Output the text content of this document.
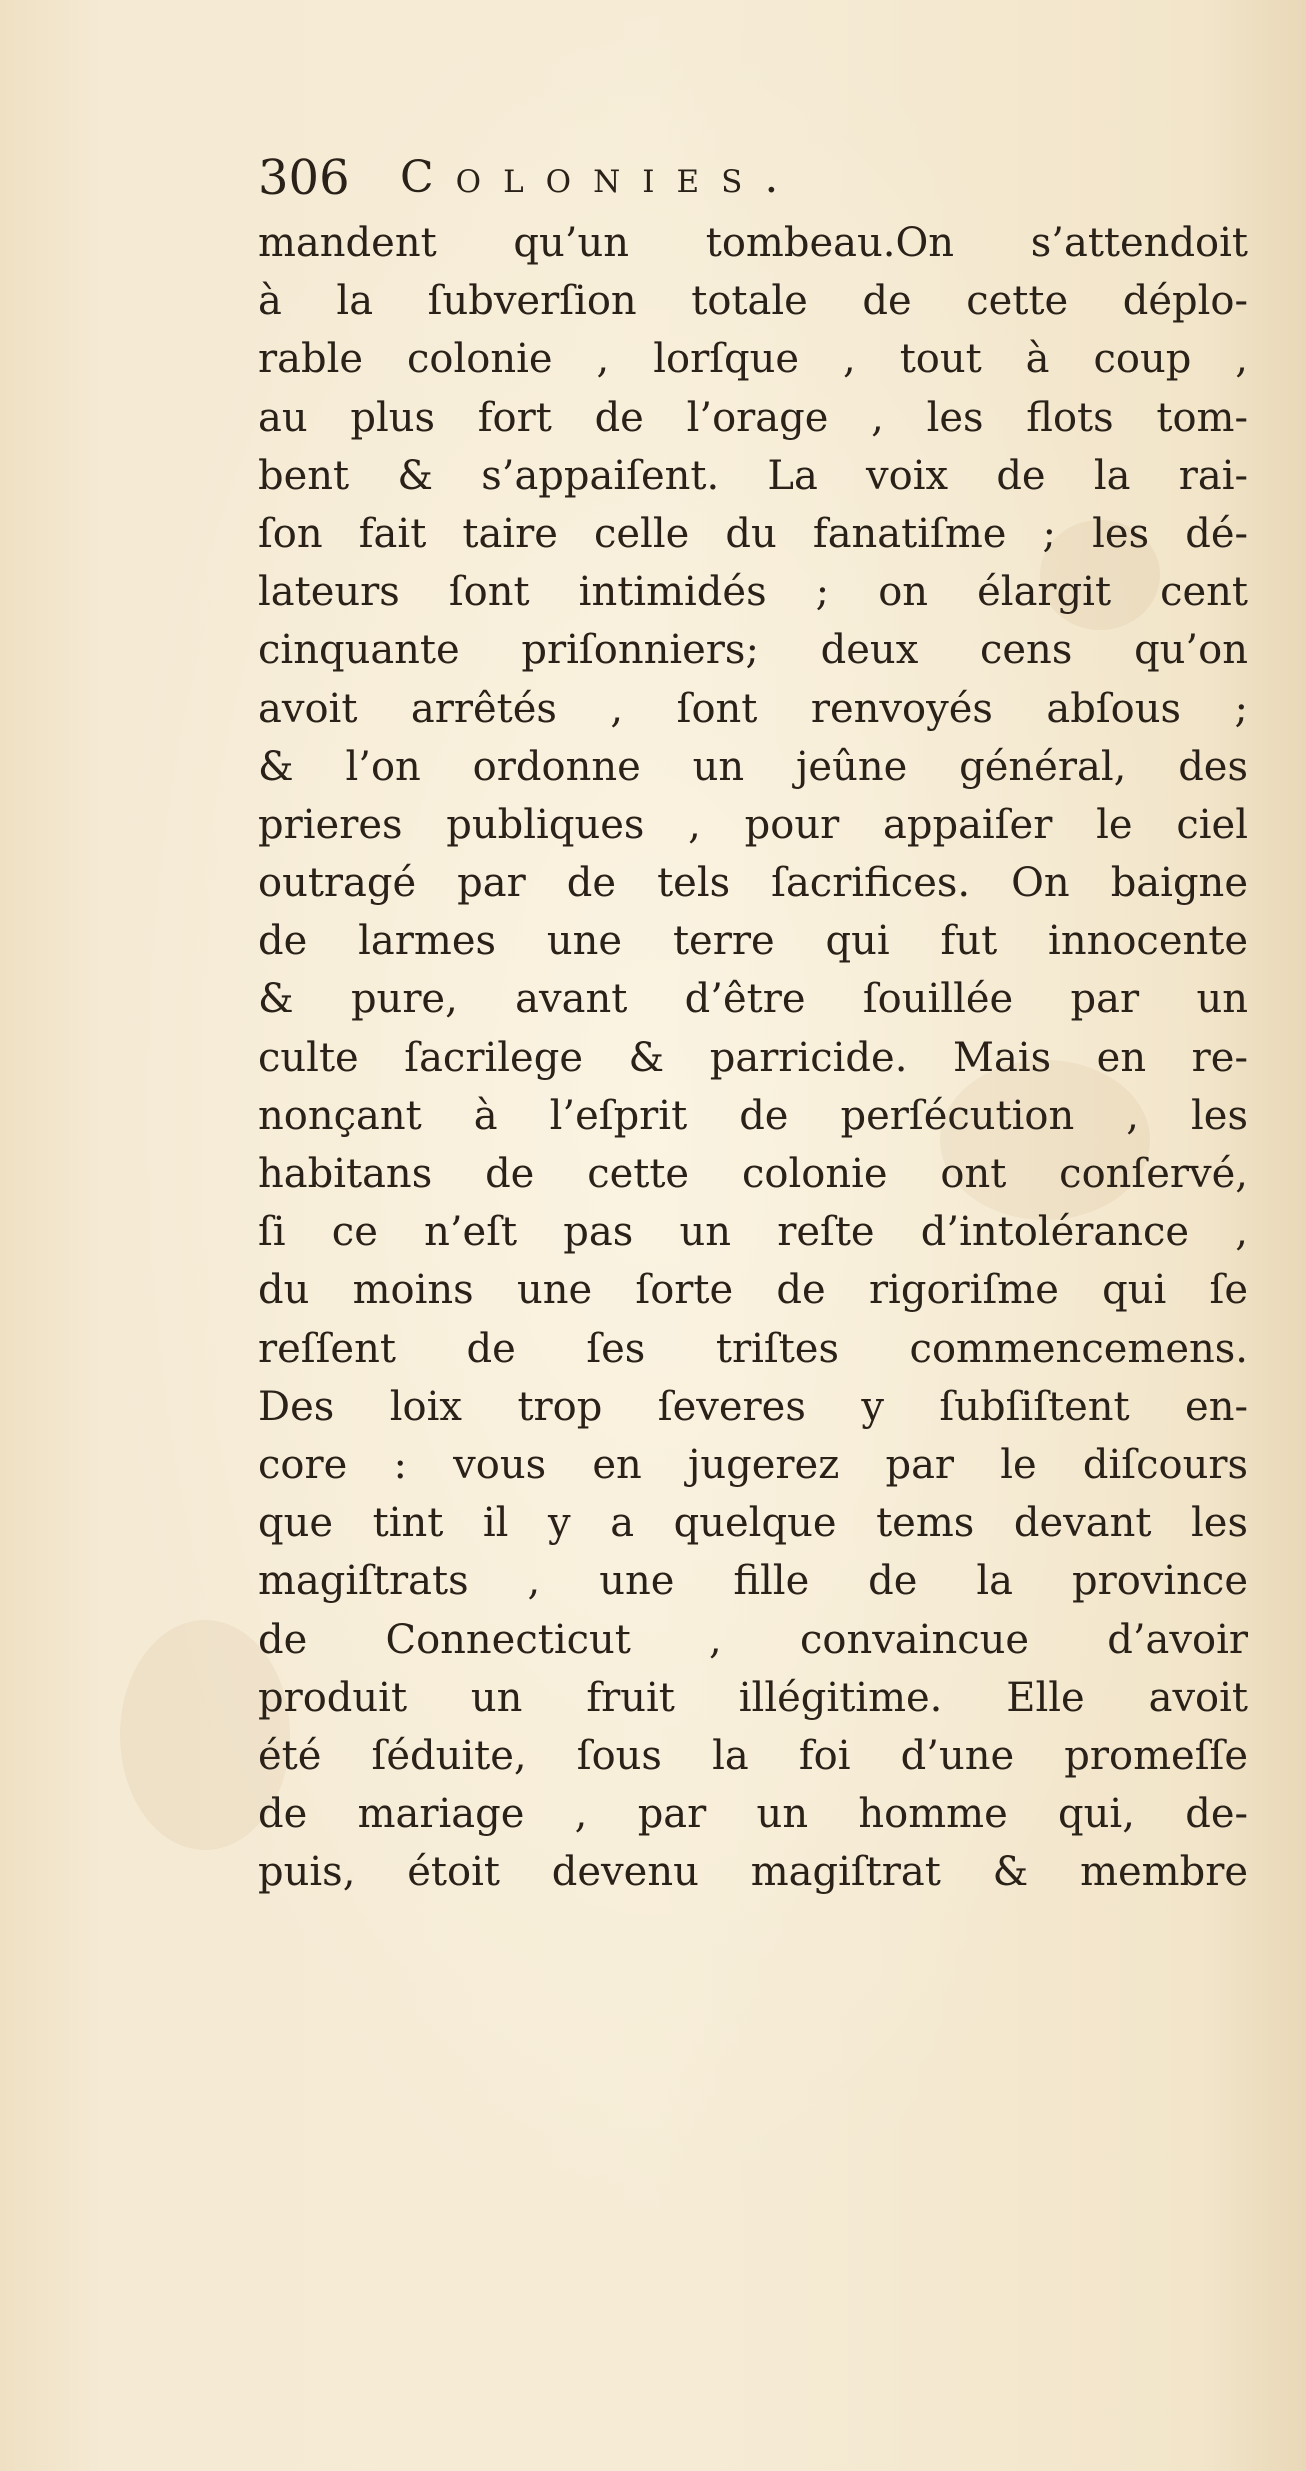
306 Colonies.
mandent qu’un tombeau.On s’attendoit
à la ſubverſion totale de cette déplo-
rable colonie , lorſque , tout à coup ,
au plus fort de l’orage , les flots tom-
bent & s’appaiſent. La voix de la rai-
ſon fait taire celle du fanatiſme ; les dé-
lateurs ſont intimidés ; on élargit cent
cinquante priſonniers; deux cens qu’on
avoit arrêtés , ſont renvoyés abſous ;
& l’on ordonne un jeûne général, des
prieres publiques , pour appaiſer le ciel
outragé par de tels ſacrifices. On baigne
de larmes une terre qui fut innocente
& pure, avant d’être ſouillée par un
culte ſacrilege & parricide. Mais en re-
nonçant à l’eſprit de perſécution , les
habitans de cette colonie ont conſervé,
ſi ce n’eſt pas un reſte d’intolérance ,
du moins une ſorte de rigoriſme qui ſe
reſſent de ſes triſtes commencemens.
Des loix trop ſeveres y ſubſiſtent en-
core : vous en jugerez par le diſcours
que tint il y a quelque tems devant les
magiſtrats , une fille de la province
de Connecticut , convaincue d’avoir
produit un fruit illégitime. Elle avoit
été ſéduite, ſous la foi d’une promeſſe
de mariage , par un homme qui, de-
puis, étoit devenu magiſtrat & membre
